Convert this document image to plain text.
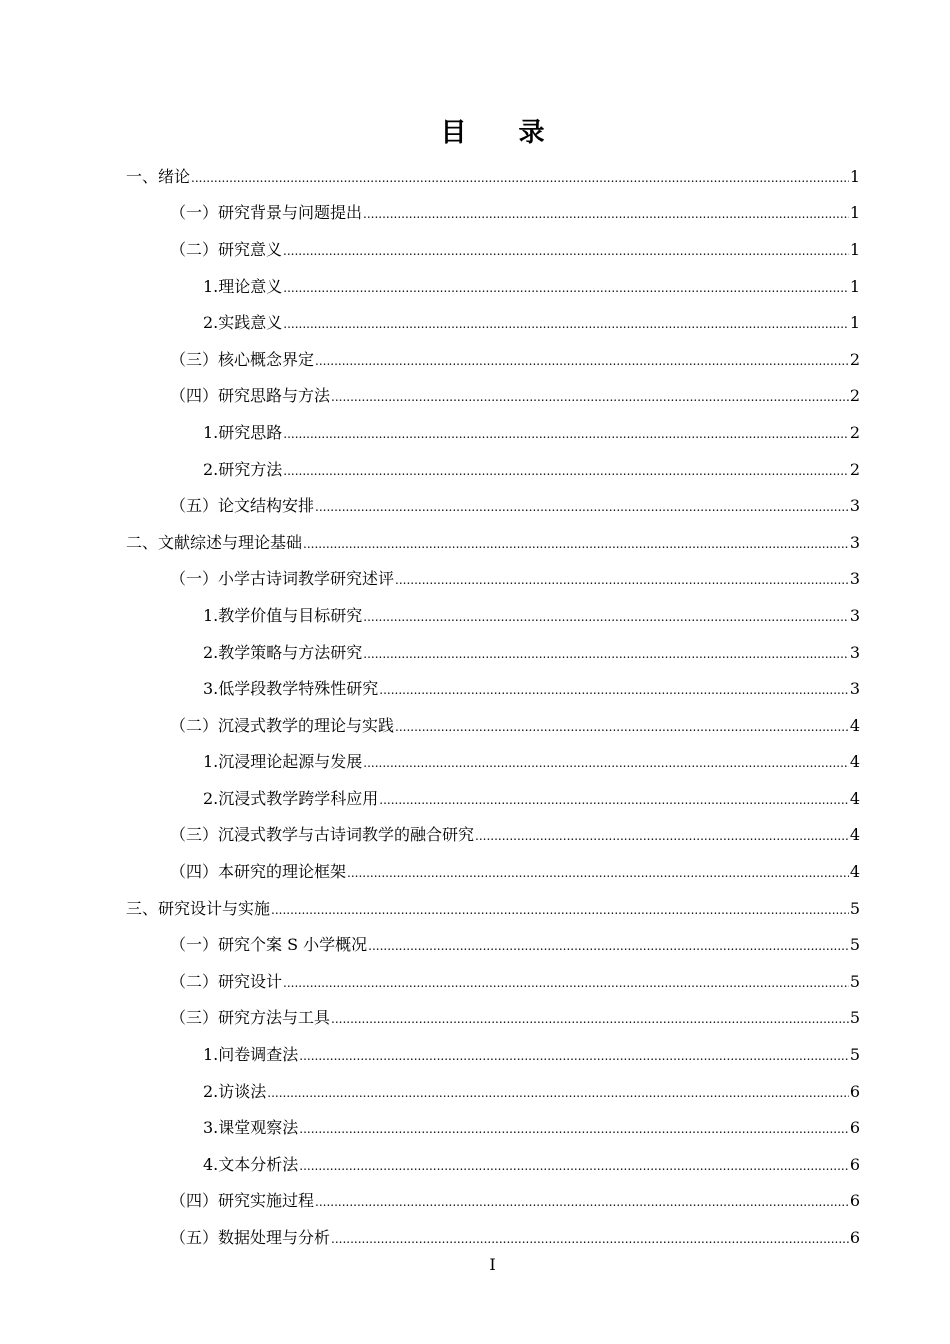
目 录
一、绪论 .....	1
（一）研究背景与问题提出 .....	1
（二）研究意义 .....	1
1.理论意义 .....	1
2.实践意义 .....	1
（三）核心概念界定 .....	2
（四）研究思路与方法 .....	2
1.研究思路 .....	2
2.研究方法 .....	2
（五）论文结构安排 .....	3
二、文献综述与理论基础 .....	3
（一）小学古诗词教学研究述评 .....	3
1.教学价值与目标研究 .....	3
2.教学策略与方法研究 .....	3
3.低学段教学特殊性研究 .....	3
（二）沉浸式教学的理论与实践 .....	4
1.沉浸理论起源与发展 .....	4
2.沉浸式教学跨学科应用 .....	4
（三）沉浸式教学与古诗词教学的融合研究 .....	4
（四）本研究的理论框架 .....	4
三、研究设计与实施 .....	5
（一）研究个案 S 小学概况 .....	5
（二）研究设计 .....	5
（三）研究方法与工具 .....	5
1.问卷调查法 .....	5
2.访谈法 .....	6
3.课堂观察法 .....	6
4.文本分析法 .....	6
（四）研究实施过程 .....	6
（五）数据处理与分析 .....	6
I
